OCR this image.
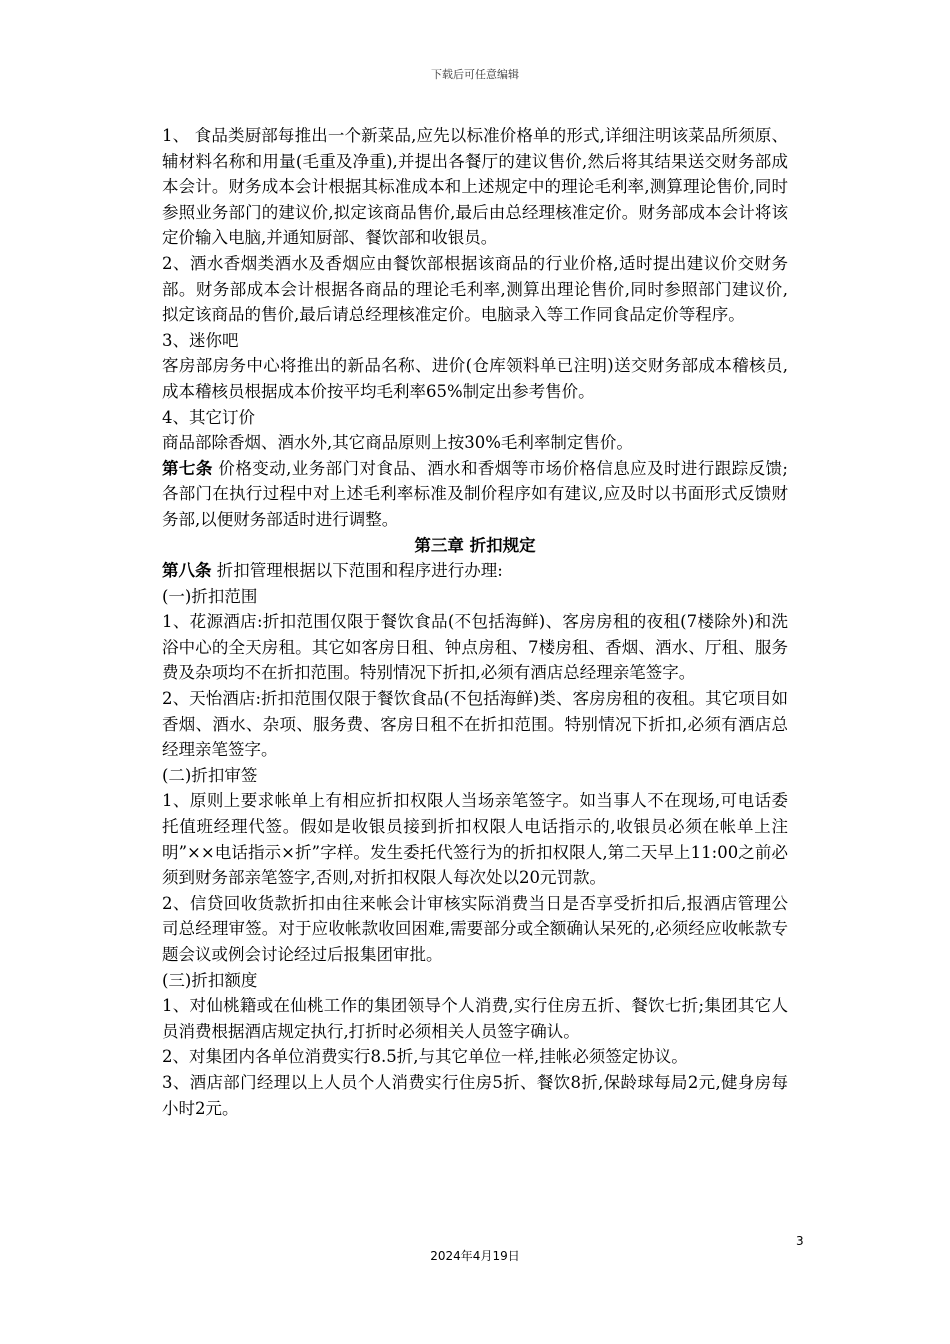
下载后可任意编辑

1、 食品类厨部每推出一个新菜品,应先以标准价格单的形式,详细注明该菜品所须原、辅材料名称和用量(毛重及净重),并提出各餐厅的建议售价,然后将其结果送交财务部成本会计。财务成本会计根据其标准成本和上述规定中的理论毛利率,测算理论售价,同时参照业务部门的建议价,拟定该商品售价,最后由总经理核准定价。财务部成本会计将该定价输入电脑,并通知厨部、餐饮部和收银员。

2、酒水香烟类酒水及香烟应由餐饮部根据该商品的行业价格,适时提出建议价交财务部。财务部成本会计根据各商品的理论毛利率,测算出理论售价,同时参照部门建议价,拟定该商品的售价,最后请总经理核准定价。电脑录入等工作同食品定价等程序。

3、迷你吧

客房部房务中心将推出的新品名称、进价(仓库领料单已注明)送交财务部成本稽核员,成本稽核员根据成本价按平均毛利率65%制定出参考售价。

4、其它订价

商品部除香烟、酒水外,其它商品原则上按30%毛利率制定售价。

第七条 价格变动,业务部门对食品、酒水和香烟等市场价格信息应及时进行跟踪反馈;各部门在执行过程中对上述毛利率标准及制价程序如有建议,应及时以书面形式反馈财务部,以便财务部适时进行调整。

第三章 折扣规定

第八条 折扣管理根据以下范围和程序进行办理:

(一)折扣范围

1、花源酒店:折扣范围仅限于餐饮食品(不包括海鲜)、客房房租的夜租(7楼除外)和洗浴中心的全天房租。其它如客房日租、钟点房租、7楼房租、香烟、酒水、厅租、服务费及杂项均不在折扣范围。特别情况下折扣,必须有酒店总经理亲笔签字。

2、天怡酒店:折扣范围仅限于餐饮食品(不包括海鲜)类、客房房租的夜租。其它项目如香烟、酒水、杂项、服务费、客房日租不在折扣范围。特别情况下折扣,必须有酒店总经理亲笔签字。

(二)折扣审签

1、原则上要求帐单上有相应折扣权限人当场亲笔签字。如当事人不在现场,可电话委托值班经理代签。假如是收银员接到折扣权限人电话指示的,收银员必须在帐单上注明”××电话指示×折”字样。发生委托代签行为的折扣权限人,第二天早上11:00之前必须到财务部亲笔签字,否则,对折扣权限人每次处以20元罚款。

2、信贷回收货款折扣由往来帐会计审核实际消费当日是否享受折扣后,报酒店管理公司总经理审签。对于应收帐款收回困难,需要部分或全额确认呆死的,必须经应收帐款专题会议或例会讨论经过后报集团审批。

(三)折扣额度

1、对仙桃籍或在仙桃工作的集团领导个人消费,实行住房五折、餐饮七折;集团其它人员消费根据酒店规定执行,打折时必须相关人员签字确认。

2、对集团内各单位消费实行8.5折,与其它单位一样,挂帐必须签定协议。

3、酒店部门经理以上人员个人消费实行住房5折、餐饮8折,保龄球每局2元,健身房每小时2元。

3
2024年4月19日
